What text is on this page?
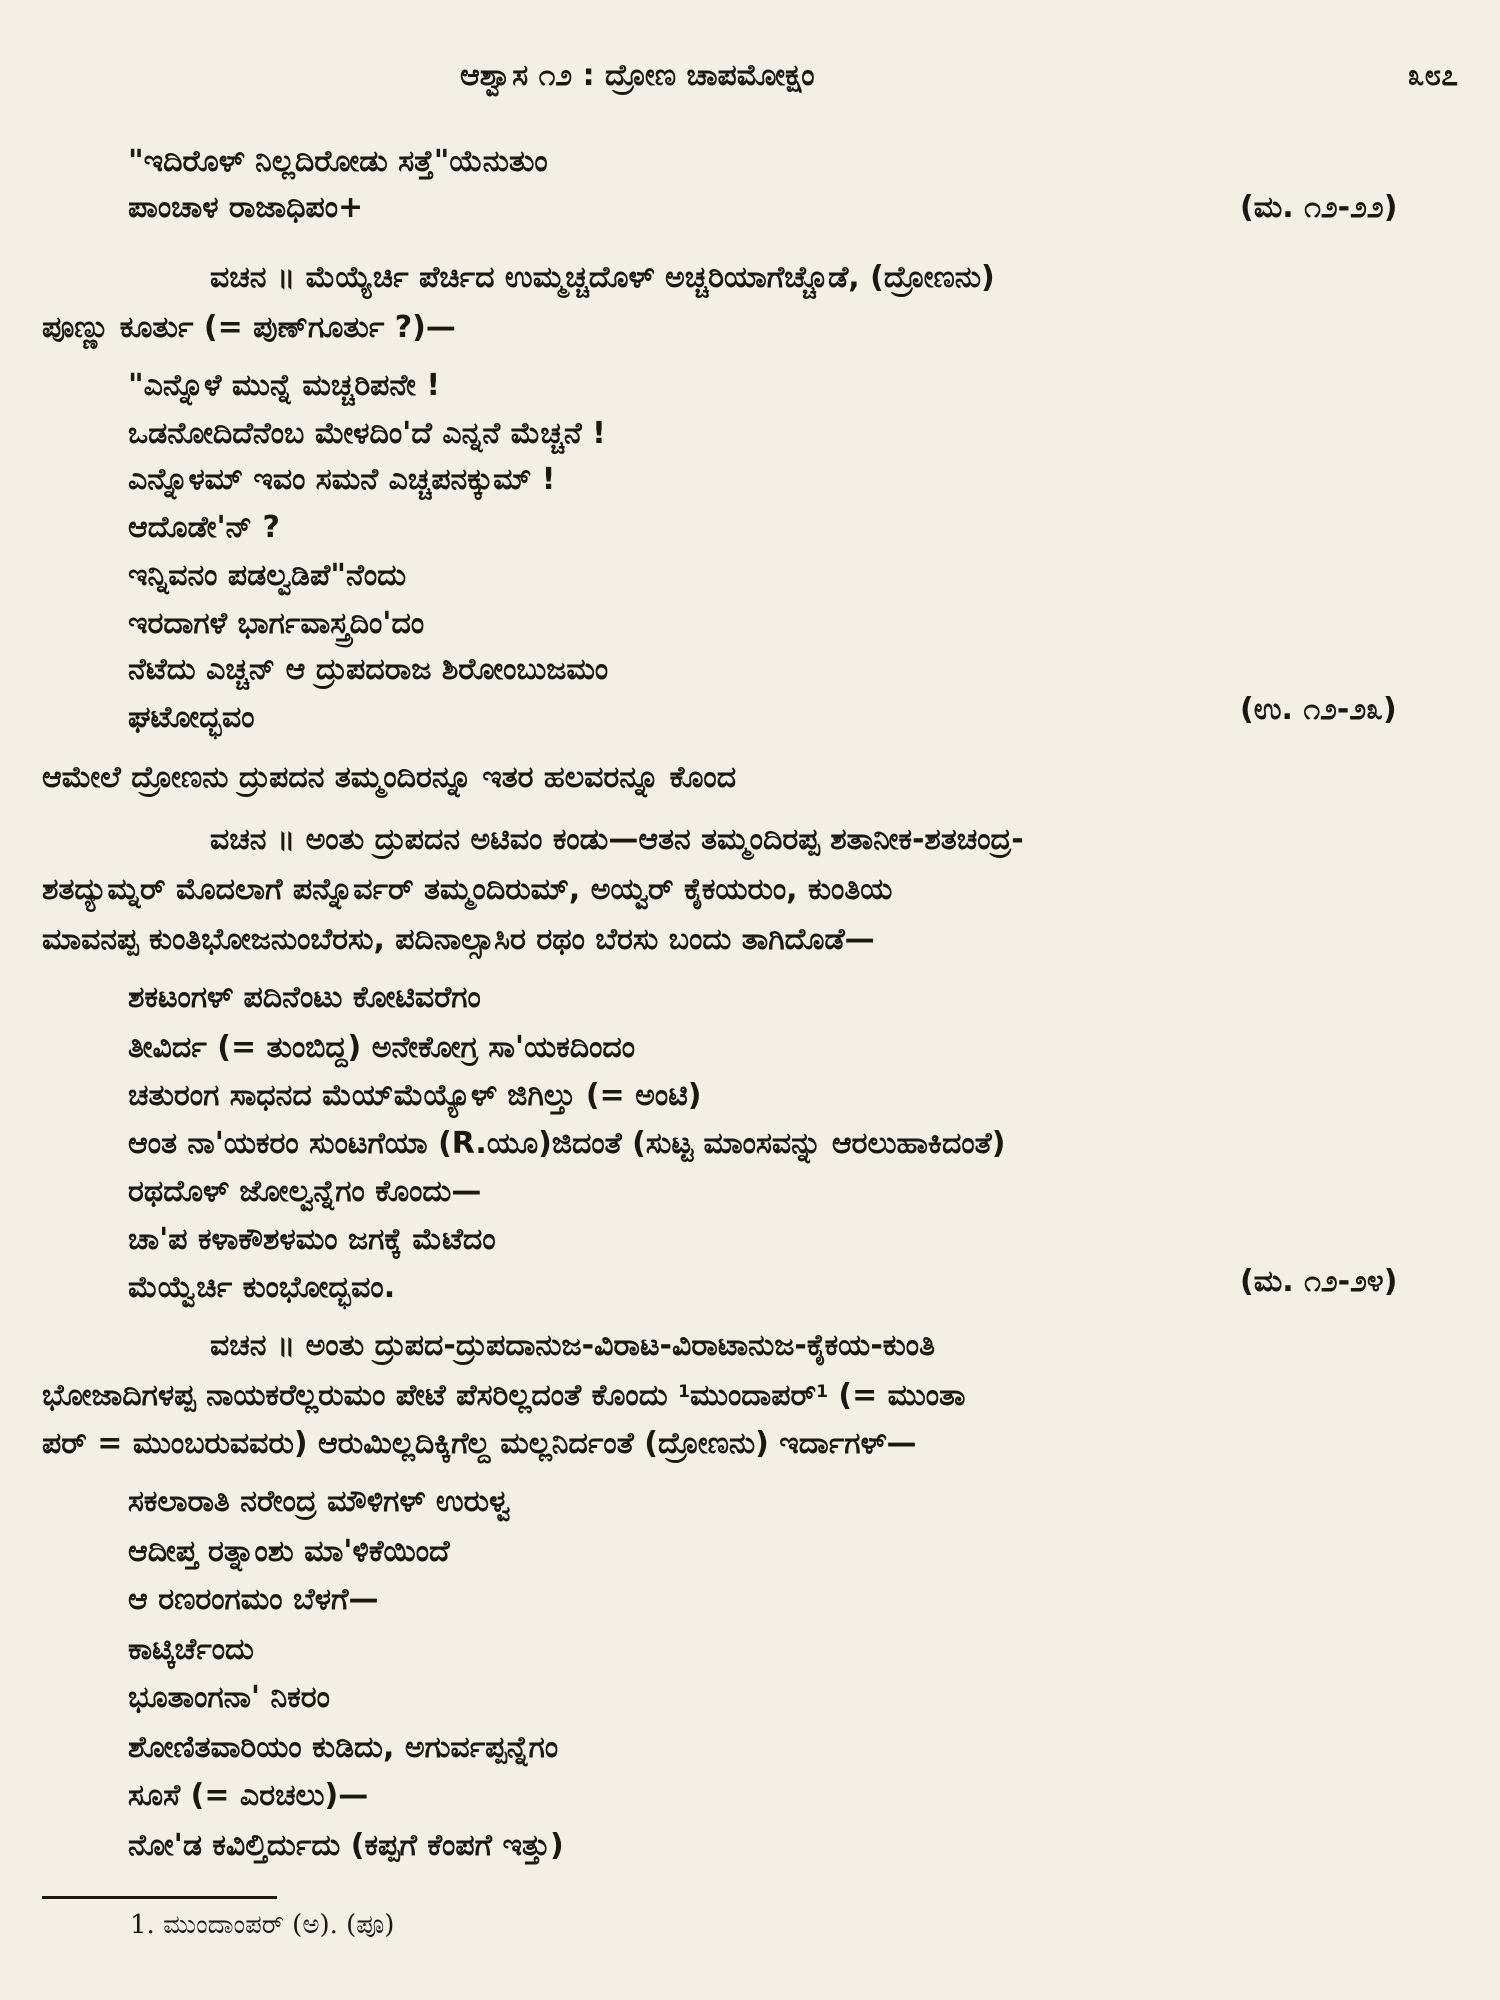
ಆಶ್ವಾಸ ೧೨ : ದ್ರೋಣ ಚಾಪಮೋಕ್ಷಂ	೩೮೭
"ಇದಿರೊಳ್ ನಿಲ್ಲದಿರೋಡು ಸತ್ತೆ"ಯೆನುತುಂ
ಪಾಂಚಾಳ ರಾಜಾಧಿಪಂ+	(ಮ. ೧೨-೨೨)
ವಚನ ॥ ಮೆಯ್ಯೆರ್ಚಿ ಪೆರ್ಚಿದ ಉಮ್ಮಚ್ಚದೊಳ್ ಅಚ್ಚರಿಯಾಗೆಚ್ಚೊಡೆ, (ದ್ರೋಣನು)
ಪೂಣ್ಣು ಕೂರ್ತು (= ಪುಣ್‌ಗೂರ್ತು ?)—
"ಎನ್ನೊಳೆ ಮುನ್ನೆ ಮಚ್ಚರಿಪನೇ !
ಒಡನೋದಿದೆನೆಂಬ ಮೇಳದಿಂ'ದೆ ಎನ್ನನೆ ಮೆಚ್ಚನೆ !
ಎನ್ನೊಳಮ್ ಇವಂ ಸಮನೆ ಎಚ್ಚಪನಕ್ಕುಮ್ !
ಆದೊಡೇ'ನ್ ?
ಇನ್ನಿವನಂ ಪಡಲ್ವಡಿಪೆ"ನೆಂದು
ಇರದಾಗಳೆ ಭಾರ್ಗವಾಸ್ತ್ರದಿಂ'ದಂ
ನೆಟೆದು ಎಚ್ಚನ್ ಆ ದ್ರುಪದರಾಜ ಶಿರೋಂಬುಜಮಂ
ಘಟೋದ್ಭವಂ	(ಉ. ೧೨-೨೩)
ಆಮೇಲೆ ದ್ರೋಣನು ದ್ರುಪದನ ತಮ್ಮಂದಿರನ್ನೂ ಇತರ ಹಲವರನ್ನೂ ಕೊಂದ
ವಚನ ॥ ಅಂತು ದ್ರುಪದನ ಅಟಿವಂ ಕಂಡು—ಆತನ ತಮ್ಮಂದಿರಪ್ಪ ಶತಾನೀಕ-ಶತಚಂದ್ರ-
ಶತದ್ಯುಮ್ನರ್ ಮೊದಲಾಗೆ ಪನ್ನೊರ್ವರ್ ತಮ್ಮಂದಿರುಮ್, ಅಯ್ವರ್ ಕೈಕಯರುಂ, ಕುಂತಿಯ
ಮಾವನಪ್ಪ ಕುಂತಿಭೋಜನುಂಬೆರಸು, ಪದಿನಾಲ್ಸಾಸಿರ ರಥಂ ಬೆರಸು ಬಂದು ತಾಗಿದೊಡೆ—
ಶಕಟಂಗಳ್ ಪದಿನೆಂಟು ಕೋಟಿವರೆಗಂ
ತೀವಿರ್ದ (= ತುಂಬಿದ್ದ) ಅನೇಕೋಗ್ರ ಸಾ'ಯಕದಿಂದಂ
ಚತುರಂಗ ಸಾಧನದ ಮೆಯ್‌ಮೆಯ್ಯೊಳ್ ಜಿಗಿಲ್ತು (= ಅಂಟಿ)
ಆಂತ ನಾ'ಯಕರಂ ಸುಂಟಗೆಯಾ (R.ಯೂ)ಜಿದಂತೆ (ಸುಟ್ಟ ಮಾಂಸವನ್ನು ಆರಲುಹಾಕಿದಂತೆ)
ರಥದೊಳ್ ಜೋಲ್ವನ್ನೆಗಂ ಕೊಂದು—
ಚಾ'ಪ ಕಳಾಕೌಶಳಮಂ ಜಗಕ್ಕೆ ಮೆಟೆದಂ
ಮೆಯ್ವೆರ್ಚಿ ಕುಂಭೋದ್ಭವಂ.	(ಮ. ೧೨-೨೪)
ವಚನ ॥ ಅಂತು ದ್ರುಪದ-ದ್ರುಪದಾನುಜ-ವಿರಾಟ-ವಿರಾಟಾನುಜ-ಕೈಕಯ-ಕುಂತಿ
ಭೋಜಾದಿಗಳಪ್ಪ ನಾಯಕರೆಲ್ಲರುಮಂ ಪೇಟೆ ಪೆಸರಿಲ್ಲದಂತೆ ಕೊಂದು $^1$ಮುಂದಾಪರ್$^1$ (= ಮುಂತಾ
ಪರ್ = ಮುಂಬರುವವರು) ಆರುಮಿಲ್ಲದಿಕ್ಕಿಗೆಲ್ದ ಮಲ್ಲನಿರ್ದಂತೆ (ದ್ರೋಣನು) ಇರ್ದಾಗಳ್—
ಸಕಲಾರಾತಿ ನರೇಂದ್ರ ಮೌಳಿಗಳ್ ಉರುಳ್ವ
ಆದೀಪ್ತ ರತ್ನಾಂಶು ಮಾ'ಳಿಕೆಯಿಂದೆ
ಆ ರಣರಂಗಮಂ ಬೆಳಗೆ—
ಕಾಟ್ಕಿರ್ಚೆಂದು
ಭೂತಾಂಗನಾ' ನಿಕರಂ
ಶೋಣಿತವಾರಿಯಂ ಕುಡಿದು, ಅಗುರ್ವಪ್ಪನ್ನೆಗಂ
ಸೂಸೆ (= ಎರಚಲು)—
ನೋ'ಡ ಕವಿಲ್ತಿರ್ದುದು (ಕಪ್ಪಗೆ ಕೆಂಪಗೆ ಇತ್ತು)
1. ಮುಂದಾಂಪರ್ (ಅ). (ಪೂ)
